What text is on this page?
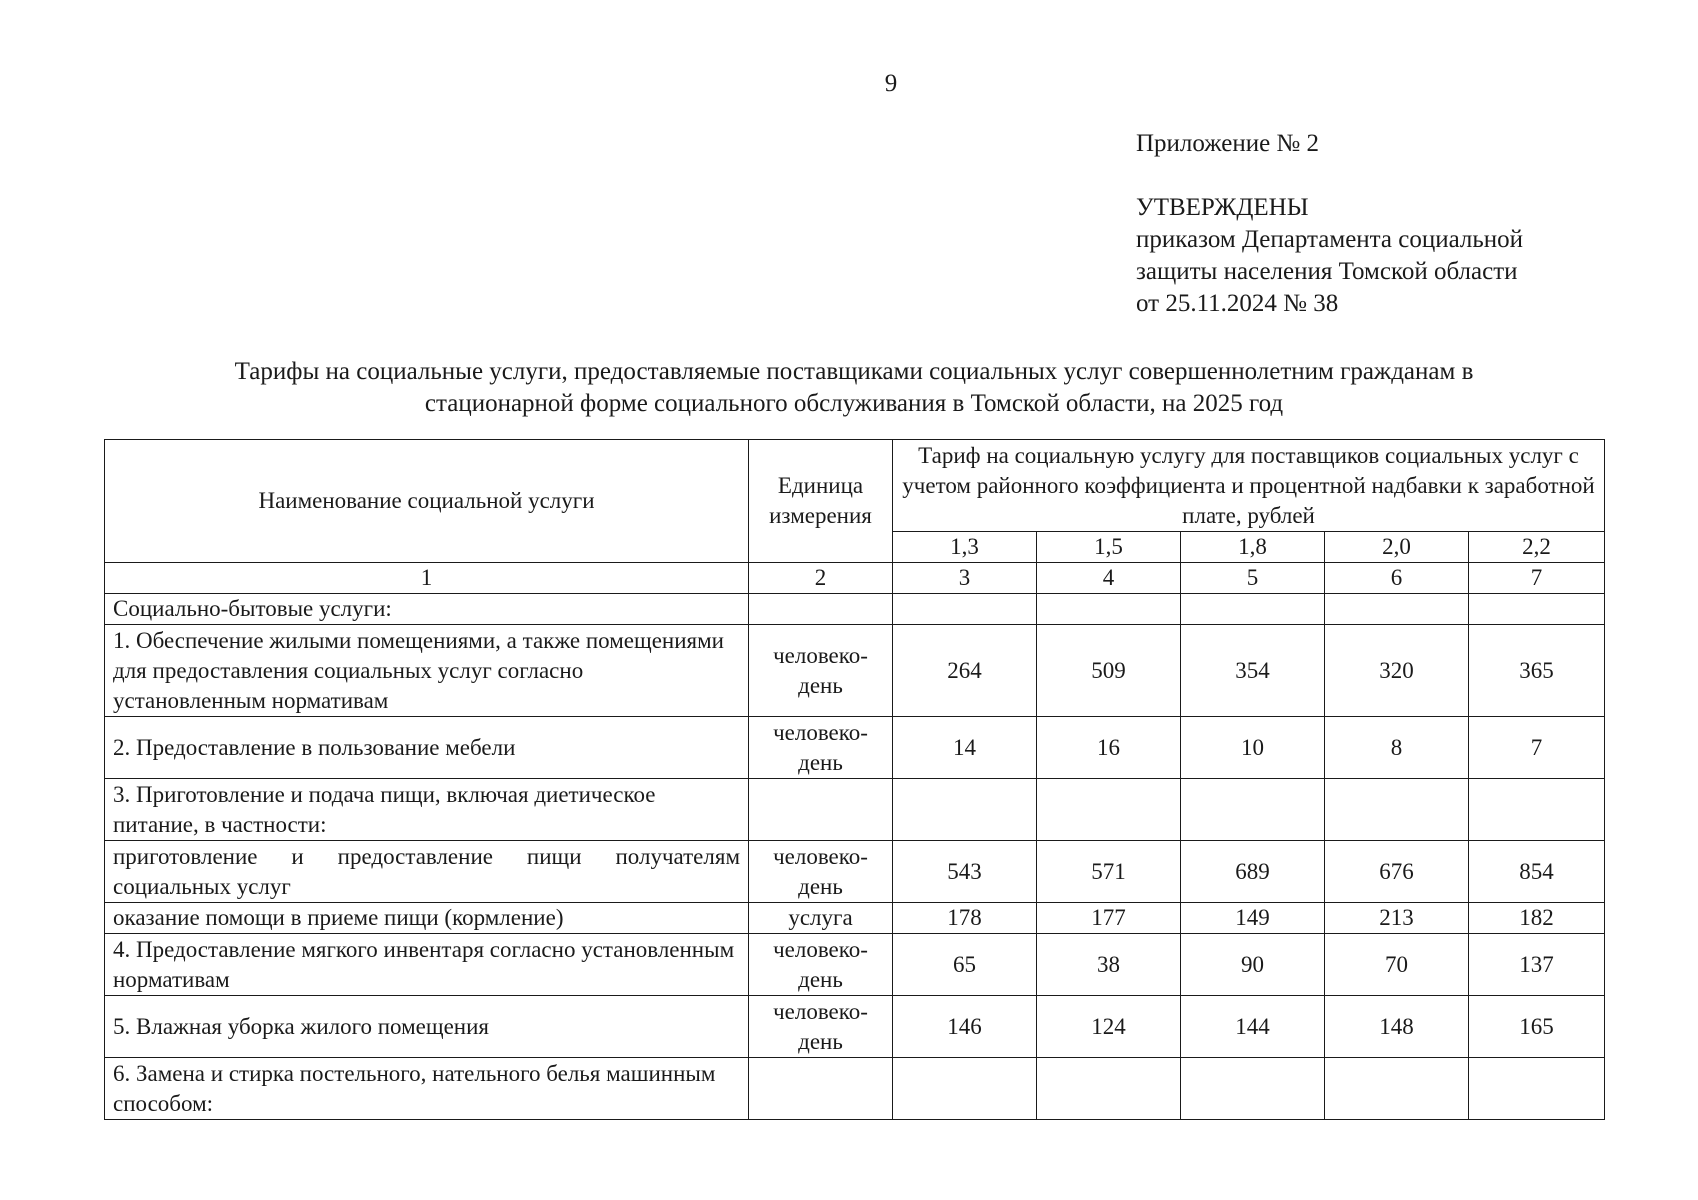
9
Приложение № 2
УТВЕРЖДЕНЫ
приказом Департамента социальной
защиты населения Томской области
от 25.11.2024 № 38
Тарифы на социальные услуги, предоставляемые поставщиками социальных услуг совершеннолетним гражданам в
стационарной форме социального обслуживания в Томской области, на 2025 год
Наименование социальной услуги	Единица измерения	Тариф на социальную услугу для поставщиков социальных услуг с учетом районного коэффициента и процентной надбавки к заработной плате, рублей				
		1,3	1,5	1,8	2,0	2,2
1	2	3	4	5	6	7
Социально-бытовые услуги:						
1. Обеспечение жилыми помещениями, а также помещениями для предоставления социальных услуг согласно установленным нормативам	человеко-день	264	509	354	320	365
2. Предоставление в пользование мебели	человеко-день	14	16	10	8	7
3. Приготовление и подача пищи, включая диетическое питание, в частности:						
приготовление и предоставление пищи получателям социальных услуг	человеко-день	543	571	689	676	854
оказание помощи в приеме пищи (кормление)	услуга	178	177	149	213	182
4. Предоставление мягкого инвентаря согласно установленным нормативам	человеко-день	65	38	90	70	137
5. Влажная уборка жилого помещения	человеко-день	146	124	144	148	165
6. Замена и стирка постельного, нательного белья машинным способом:						
